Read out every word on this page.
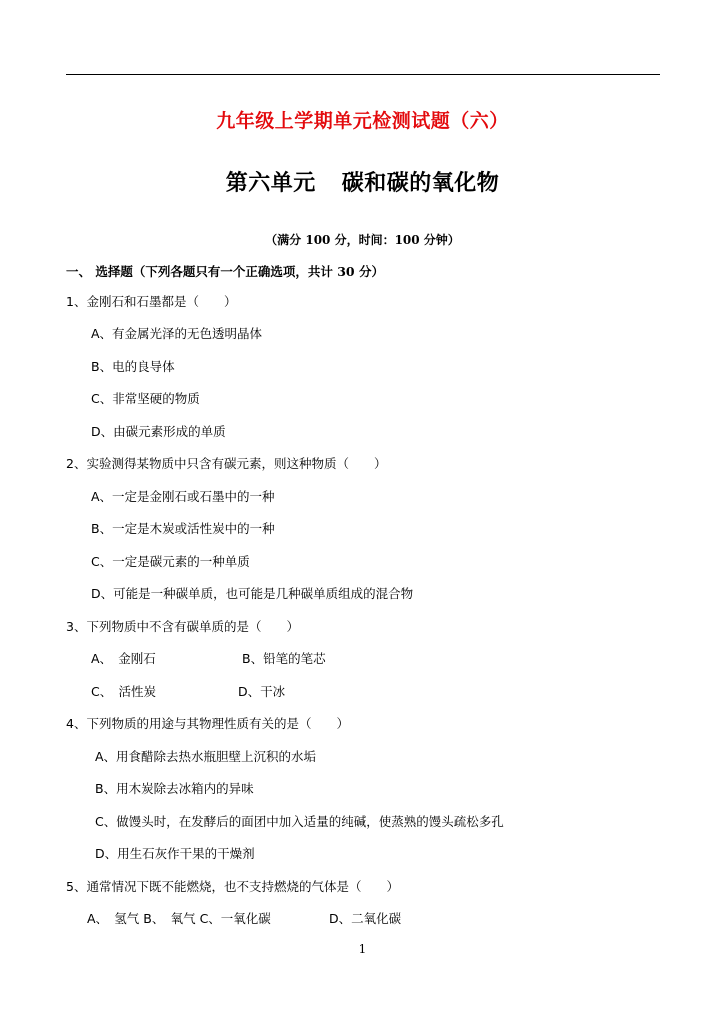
九年级上学期单元检测试题（六）
第六单元 碳和碳的氧化物
（满分 100 分，时间：100 分钟）
一、 选择题（下列各题只有一个正确选项，共计 30 分）
1、金刚石和石墨都是（　　）
A、有金属光泽的无色透明晶体
B、电的良导体
C、非常坚硬的物质
D、由碳元素形成的单质
2、实验测得某物质中只含有碳元素，则这种物质（　　）
A、一定是金刚石或石墨中的一种
B、一定是木炭或活性炭中的一种
C、一定是碳元素的一种单质
D、可能是一种碳单质，也可能是几种碳单质组成的混合物
3、下列物质中不含有碳单质的是（　　）
A、　金刚石	B、铅笔的笔芯
C、　活性炭	D、干冰
4、下列物质的用途与其物理性质有关的是（　　）
A、用食醋除去热水瓶胆壁上沉积的水垢
B、用木炭除去冰箱内的异味
C、做馒头时，在发酵后的面团中加入适量的纯碱，使蒸熟的馒头疏松多孔
D、用生石灰作干果的干燥剂
5、通常情况下既不能燃烧，也不支持燃烧的气体是（　　）
A、　氢气 B、　氧气 C、一氧化碳	D、二氧化碳
1
